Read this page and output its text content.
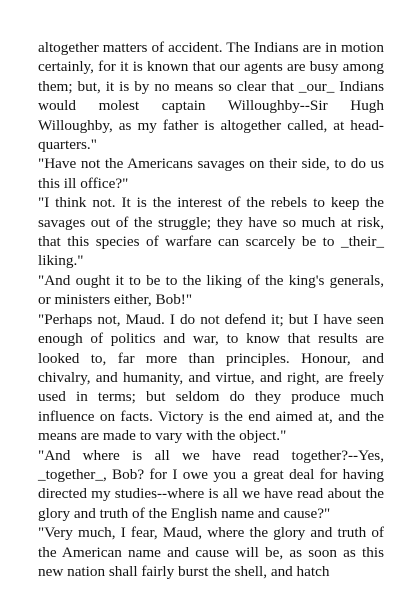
altogether matters of accident. The Indians are in motion certainly, for it is known that our agents are busy among them; but, it is by no means so clear that _our_ Indians would molest captain Willoughby--Sir Hugh Willoughby, as my father is altogether called, at head-quarters."

"Have not the Americans savages on their side, to do us this ill office?"

"I think not. It is the interest of the rebels to keep the savages out of the struggle; they have so much at risk, that this species of warfare can scarcely be to _their_ liking."

"And ought it to be to the liking of the king's generals, or ministers either, Bob!"

"Perhaps not, Maud. I do not defend it; but I have seen enough of politics and war, to know that results are looked to, far more than principles. Honour, and chivalry, and humanity, and virtue, and right, are freely used in terms; but seldom do they produce much influence on facts. Victory is the end aimed at, and the means are made to vary with the object."

"And where is all we have read together?--Yes, _together_, Bob? for I owe you a great deal for having directed my studies--where is all we have read about the glory and truth of the English name and cause?"

"Very much, I fear, Maud, where the glory and truth of the American name and cause will be, as soon as this new nation shall fairly burst the shell, and hatch
